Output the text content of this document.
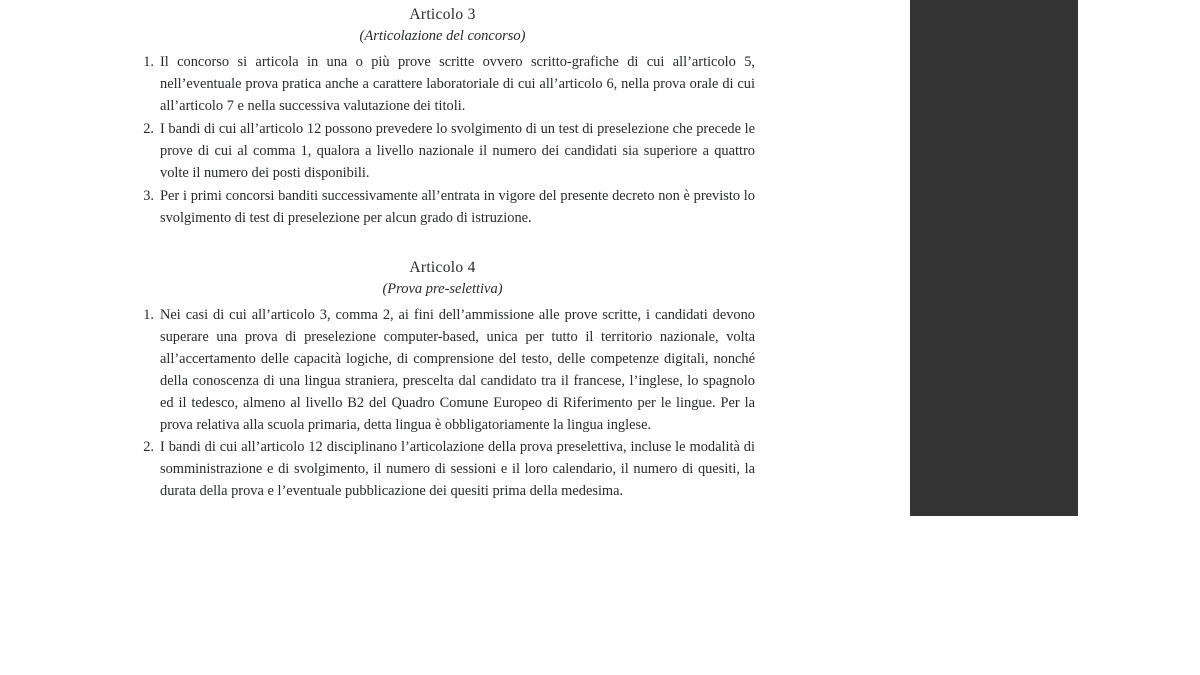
Articolo 3

(Articolazione del concorso)

1. Il concorso si articola in una o più prove scritte ovvero scritto-grafiche di cui all’articolo 5, nell’eventuale prova pratica anche a carattere laboratoriale di cui all’articolo 6, nella prova orale di cui all’articolo 7 e nella successiva valutazione dei titoli.
2. I bandi di cui all’articolo 12 possono prevedere lo svolgimento di un test di preselezione che precede le prove di cui al comma 1, qualora a livello nazionale il numero dei candidati sia superiore a quattro volte il numero dei posti disponibili.
3. Per i primi concorsi banditi successivamente all’entrata in vigore del presente decreto non è previsto lo svolgimento di test di preselezione per alcun grado di istruzione.

Articolo 4

(Prova pre-selettiva)

1. Nei casi di cui all’articolo 3, comma 2, ai fini dell’ammissione alle prove scritte, i candidati devono superare una prova di preselezione computer-based, unica per tutto il territorio nazionale, volta all’accertamento delle capacità logiche, di comprensione del testo, delle competenze digitali, nonché della conoscenza di una lingua straniera, prescelta dal candidato tra il francese, l’inglese, lo spagnolo ed il tedesco, almeno al livello B2 del Quadro Comune Europeo di Riferimento per le lingue. Per la prova relativa alla scuola primaria, detta lingua è obbligatoriamente la lingua inglese.
2. I bandi di cui all’articolo 12 disciplinano l’articolazione della prova preselettiva, incluse le modalità di somministrazione e di svolgimento, il numero di sessioni e il loro calendario, il numero di quesiti, la durata della prova e l’eventuale pubblicazione dei quesiti prima della medesima.
